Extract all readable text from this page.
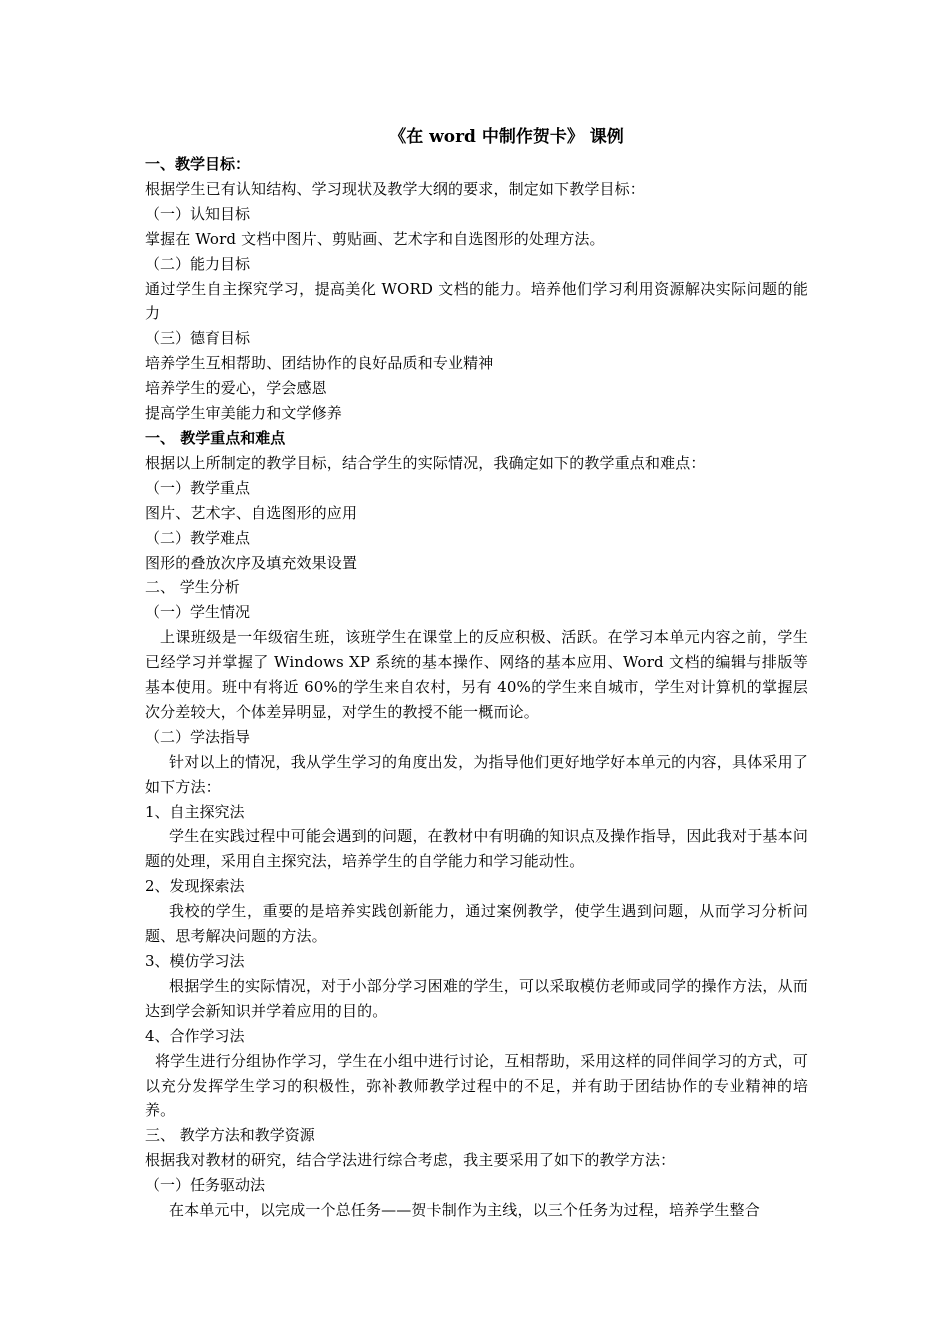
《在 word 中制作贺卡》 课例
一、教学目标：
根据学生已有认知结构、学习现状及教学大纲的要求，制定如下教学目标：
（一）认知目标
掌握在 Word 文档中图片、剪贴画、艺术字和自选图形的处理方法。
（二）能力目标
通过学生自主探究学习，提高美化 WORD 文档的能力。培养他们学习利用资源解决实际问题的能力
（三）德育目标
培养学生互相帮助、团结协作的良好品质和专业精神
培养学生的爱心，学会感恩
提高学生审美能力和文学修养
一、 教学重点和难点
根据以上所制定的教学目标，结合学生的实际情况，我确定如下的教学重点和难点：
（一）教学重点
图片、艺术字、自选图形的应用
（二）教学难点
图形的叠放次序及填充效果设置
二、 学生分析
（一）学生情况
上课班级是一年级宿生班，该班学生在课堂上的反应积极、活跃。在学习本单元内容之前，学生已经学习并掌握了 Windows XP 系统的基本操作、网络的基本应用、Word 文档的编辑与排版等基本使用。班中有将近 60%的学生来自农村，另有 40%的学生来自城市，学生对计算机的掌握层次分差较大，个体差异明显，对学生的教授不能一概而论。
（二）学法指导
针对以上的情况，我从学生学习的角度出发，为指导他们更好地学好本单元的内容，具体采用了如下方法：
1、自主探究法
学生在实践过程中可能会遇到的问题，在教材中有明确的知识点及操作指导，因此我对于基本问题的处理，采用自主探究法，培养学生的自学能力和学习能动性。
2、发现探索法
我校的学生，重要的是培养实践创新能力，通过案例教学，使学生遇到问题，从而学习分析问题、思考解决问题的方法。
3、模仿学习法
根据学生的实际情况，对于小部分学习困难的学生，可以采取模仿老师或同学的操作方法，从而达到学会新知识并学着应用的目的。
4、合作学习法
将学生进行分组协作学习，学生在小组中进行讨论，互相帮助，采用这样的同伴间学习的方式，可以充分发挥学生学习的积极性，弥补教师教学过程中的不足，并有助于团结协作的专业精神的培养。
三、 教学方法和教学资源
根据我对教材的研究，结合学法进行综合考虑，我主要采用了如下的教学方法：
（一）任务驱动法
在本单元中，以完成一个总任务——贺卡制作为主线，以三个任务为过程，培养学生整合
